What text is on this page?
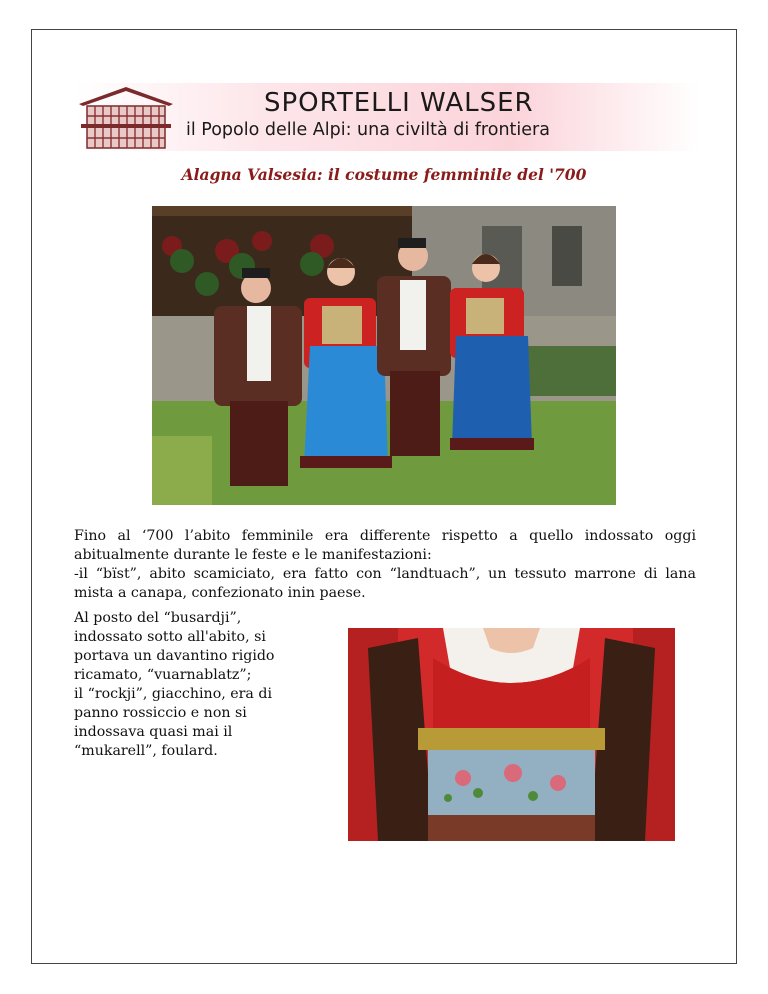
SPORTELLI WALSER
il Popolo delle Alpi: una civiltà di frontiera
Alagna Valsesia: il costume femminile del '700

Fino al ‘700 l’abito femminile era differente rispetto a quello indossato oggi abitualmente durante le feste e le manifestazioni:

-il “bïst”, abito scamiciato, era fatto con “landtuach”, un tessuto marrone di lana mista a canapa, confezionato inin paese.

Al posto del “busardji”,

indossato sotto all'abito, si

portava un davantino rigido

ricamato, “vuarnablatz”;

il “rockji”, giacchino, era di

panno rossiccio e non si

indossava quasi mai il

“mukarell”, foulard.
